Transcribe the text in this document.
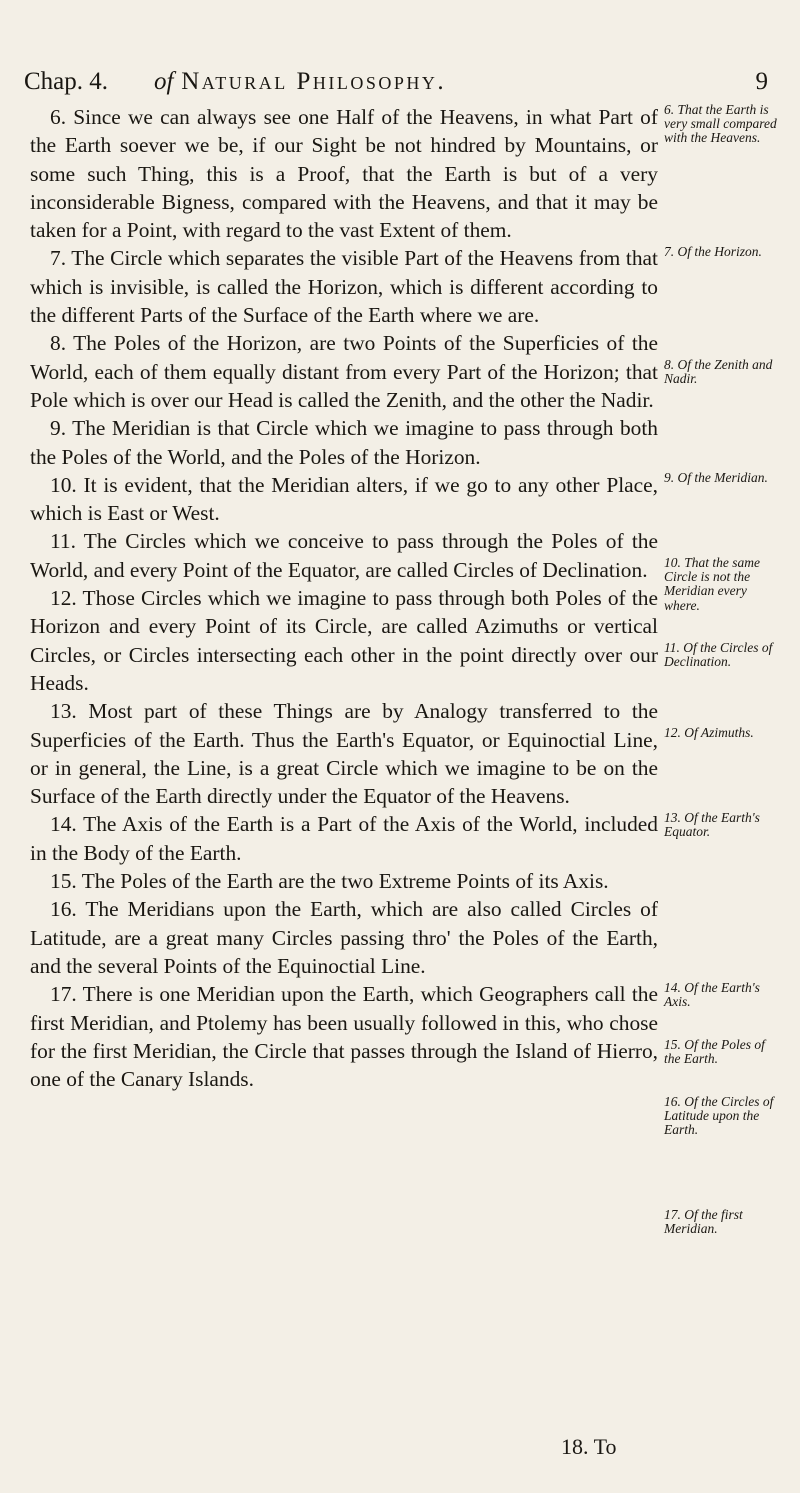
Chap. 4. of Natural Philosophy.	9

6. Since we can always see one Half of the Heavens, in what Part of the Earth soever we be, if our Sight be not hindred by Mountains, or some such Thing, this is a Proof, that the Earth is but of a very inconsiderable Bigness, compared with the Heavens, and that it may be taken for a Point, with regard to the vast Extent of them.

7. The Circle which separates the visible Part of the Heavens from that which is invisible, is called the Horizon, which is different according to the different Parts of the Surface of the Earth where we are.

8. The Poles of the Horizon, are two Points of the Superficies of the World, each of them equally distant from every Part of the Horizon; that Pole which is over our Head is called the Zenith, and the other the Nadir.

9. The Meridian is that Circle which we imagine to pass through both the Poles of the World, and the Poles of the Horizon.

10. It is evident, that the Meridian alters, if we go to any other Place, which is East or West.

11. The Circles which we conceive to pass through the Poles of the World, and every Point of the Equator, are called Circles of Declination.

12. Those Circles which we imagine to pass through both Poles of the Horizon and every Point of its Circle, are called Azimuths or vertical Circles, or Circles intersecting each other in the point directly over our Heads.

13. Most part of these Things are by Analogy transferred to the Superficies of the Earth. Thus the Earth's Equator, or Equinoctial Line, or in general, the Line, is a great Circle which we imagine to be on the Surface of the Earth directly under the Equator of the Heavens.

14. The Axis of the Earth is a Part of the Axis of the World, included in the Body of the Earth.

15. The Poles of the Earth are the two Extreme Points of its Axis.

16. The Meridians upon the Earth, which are also called Circles of Latitude, are a great many Circles passing thro' the Poles of the Earth, and the several Points of the Equinoctial Line.

17. There is one Meridian upon the Earth, which Geographers call the first Meridian, and Ptolemy has been usually followed in this, who chose for the first Meridian, the Circle that passes through the Island of Hierro, one of the Canary Islands.

6. That the Earth is very small compared with the Heavens.
7. Of the Horizon.
8. Of the Zenith and Nadir.
9. Of the Meridian.
10. That the same Circle is not the Meridian every where.
11. Of the Circles of Declination.
12. Of Azimuths.
13. Of the Earth's Equator.
14. Of the Earth's Axis.
15. Of the Poles of the Earth.
16. Of the Circles of Latitude upon the Earth.
17. Of the first Meridian.
18. To
